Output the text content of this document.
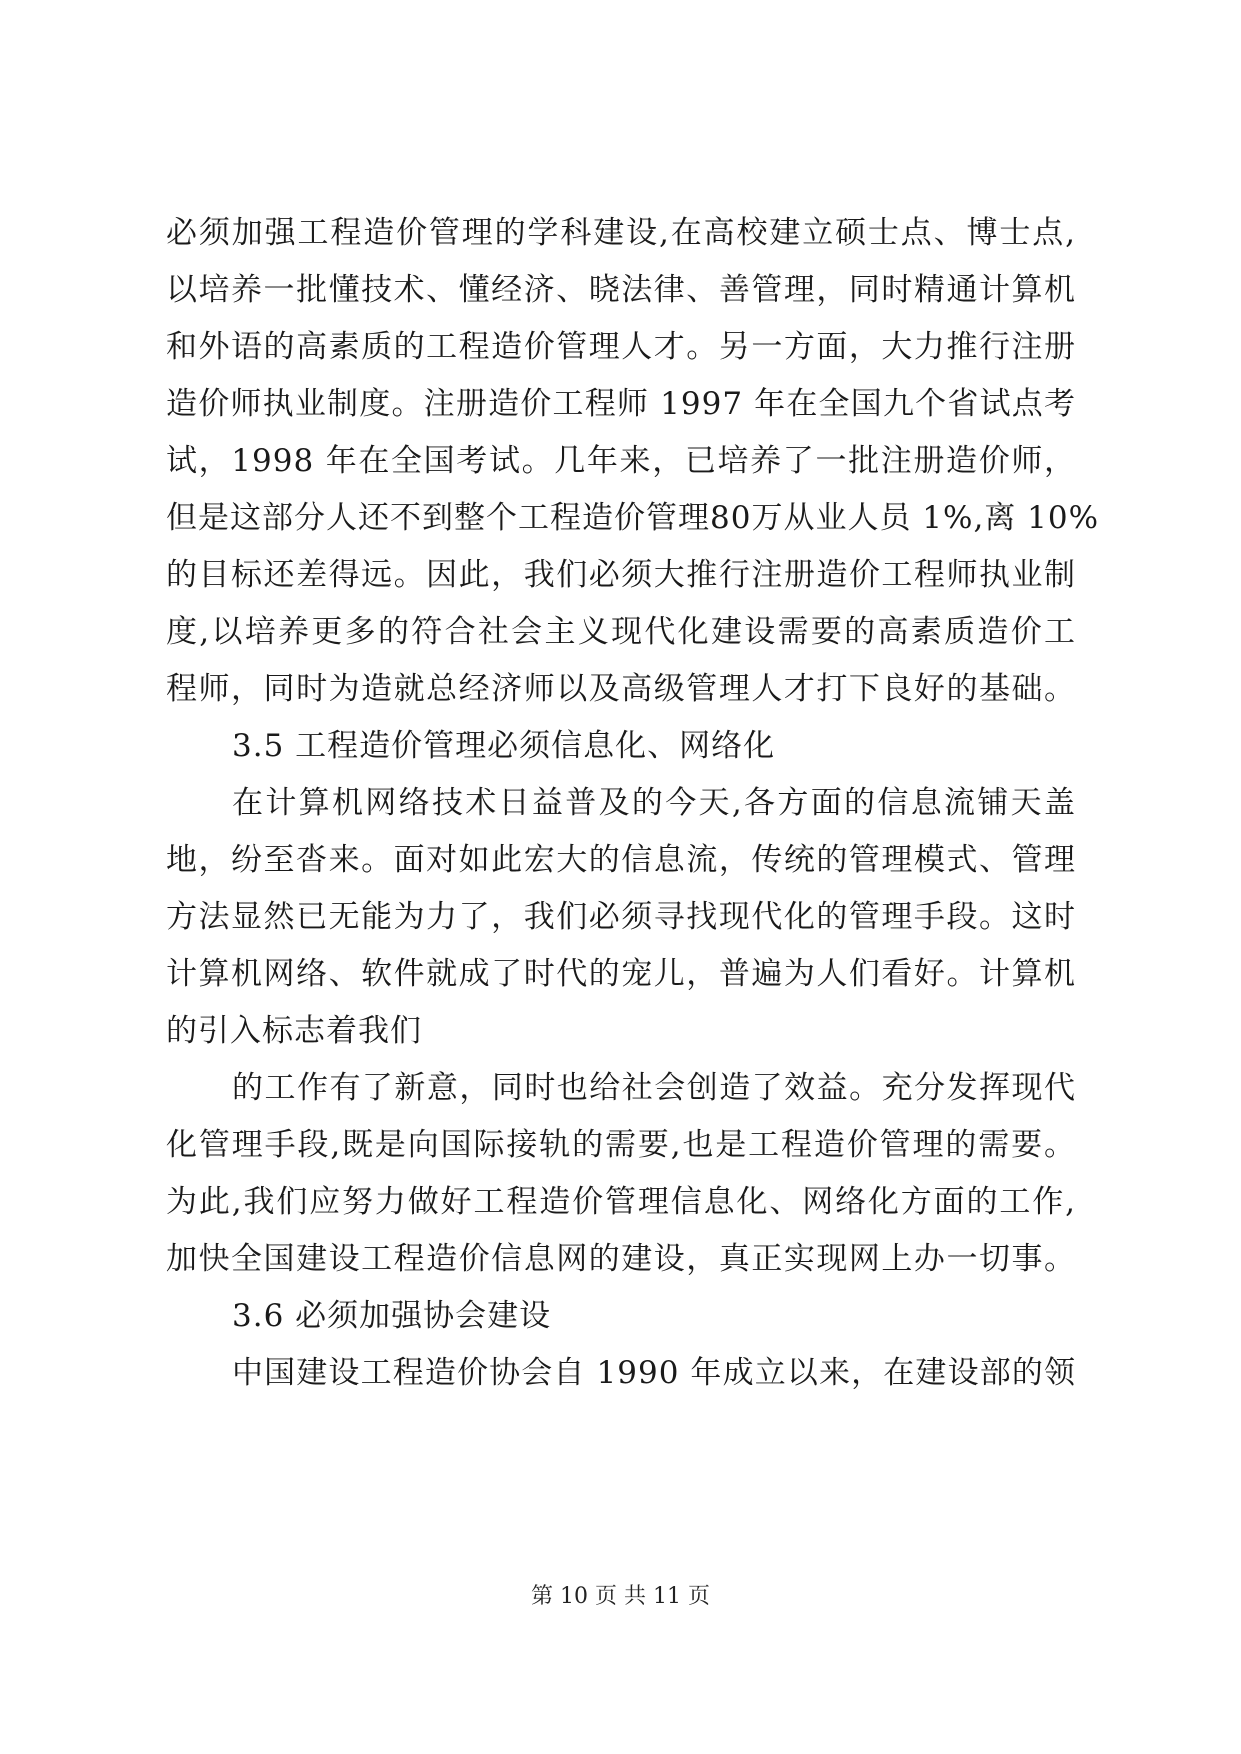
必须加强工程造价管理的学科建设,在高校建立硕士点、博士点,
以培养一批懂技术、懂经济、晓法律、善管理，同时精通计算机
和外语的高素质的工程造价管理人才。另一方面，大力推行注册
造价师执业制度。注册造价工程师 1997 年在全国九个省试点考
试，1998 年在全国考试。几年来，已培养了一批注册造价师，
但是这部分人还不到整个工程造价管理80万从业人员 1%,离 10%
的目标还差得远。因此，我们必须大推行注册造价工程师执业制
度,以培养更多的符合社会主义现代化建设需要的高素质造价工
程师，同时为造就总经济师以及高级管理人才打下良好的基础。
3.5 工程造价管理必须信息化、网络化
在计算机网络技术日益普及的今天,各方面的信息流铺天盖
地，纷至沓来。面对如此宏大的信息流，传统的管理模式、管理
方法显然已无能为力了，我们必须寻找现代化的管理手段。这时
计算机网络、软件就成了时代的宠儿，普遍为人们看好。计算机
的引入标志着我们
的工作有了新意，同时也给社会创造了效益。充分发挥现代
化管理手段,既是向国际接轨的需要,也是工程造价管理的需要。
为此,我们应努力做好工程造价管理信息化、网络化方面的工作,
加快全国建设工程造价信息网的建设，真正实现网上办一切事。
3.6 必须加强协会建设
中国建设工程造价协会自 1990 年成立以来，在建设部的领
第 10 页 共 11 页
